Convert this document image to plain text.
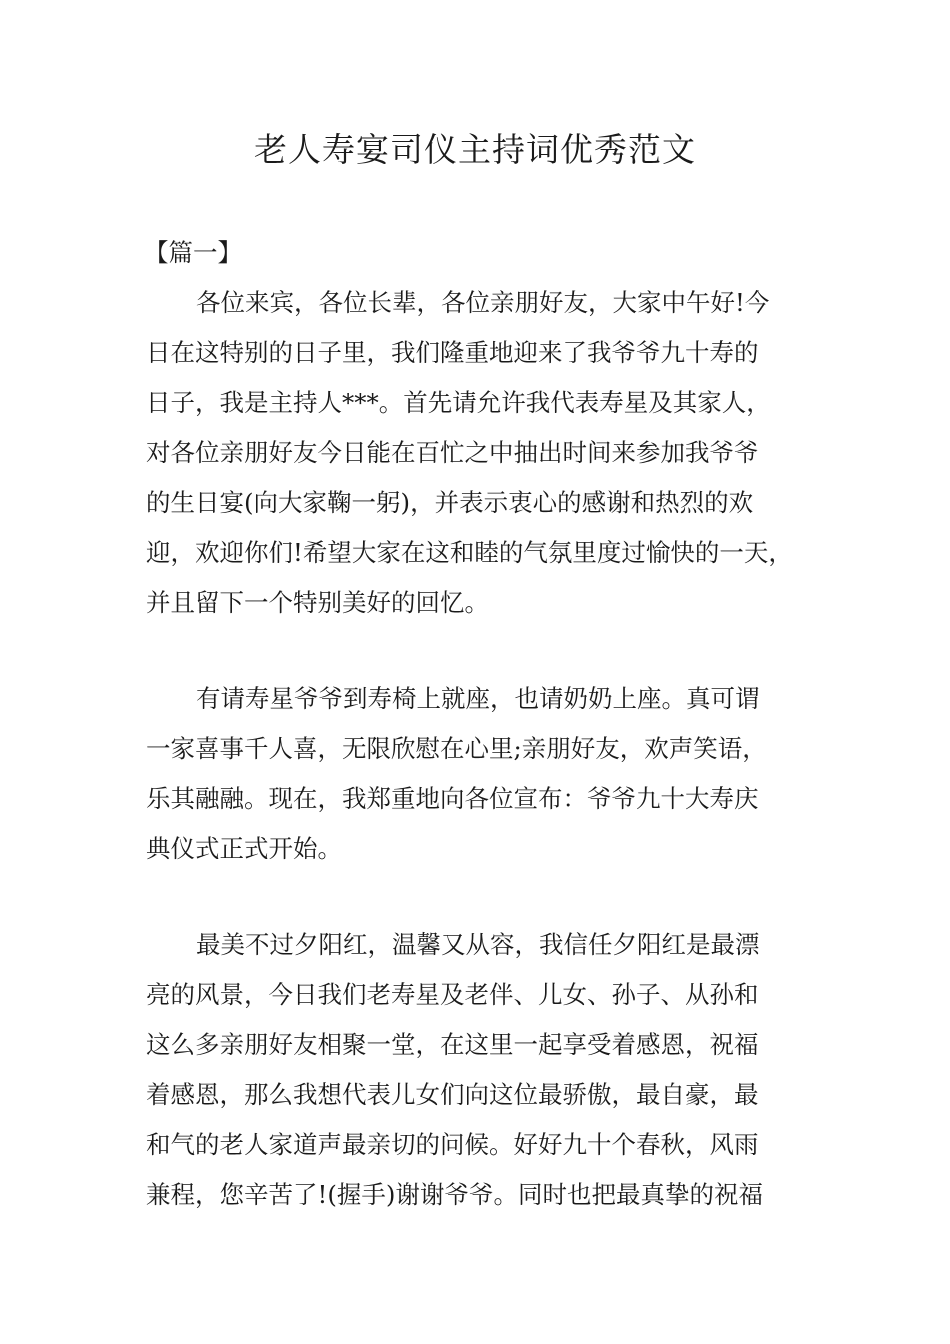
老人寿宴司仪主持词优秀范文
【篇一】
各位来宾，各位长辈，各位亲朋好友，大家中午好!今
日在这特别的日子里，我们隆重地迎来了我爷爷九十寿的
日子，我是主持人***。首先请允许我代表寿星及其家人，
对各位亲朋好友今日能在百忙之中抽出时间来参加我爷爷
的生日宴(向大家鞠一躬)，并表示衷心的感谢和热烈的欢
迎，欢迎你们!希望大家在这和睦的气氛里度过愉快的一天，
并且留下一个特别美好的回忆。
有请寿星爷爷到寿椅上就座，也请奶奶上座。真可谓
一家喜事千人喜，无限欣慰在心里;亲朋好友，欢声笑语，
乐其融融。现在，我郑重地向各位宣布：爷爷九十大寿庆
典仪式正式开始。
最美不过夕阳红，温馨又从容，我信任夕阳红是最漂
亮的风景，今日我们老寿星及老伴、儿女、孙子、从孙和
这么多亲朋好友相聚一堂，在这里一起享受着感恩，祝福
着感恩，那么我想代表儿女们向这位最骄傲，最自豪，最
和气的老人家道声最亲切的问候。好好九十个春秋，风雨
兼程，您辛苦了!(握手)谢谢爷爷。同时也把最真挚的祝福
